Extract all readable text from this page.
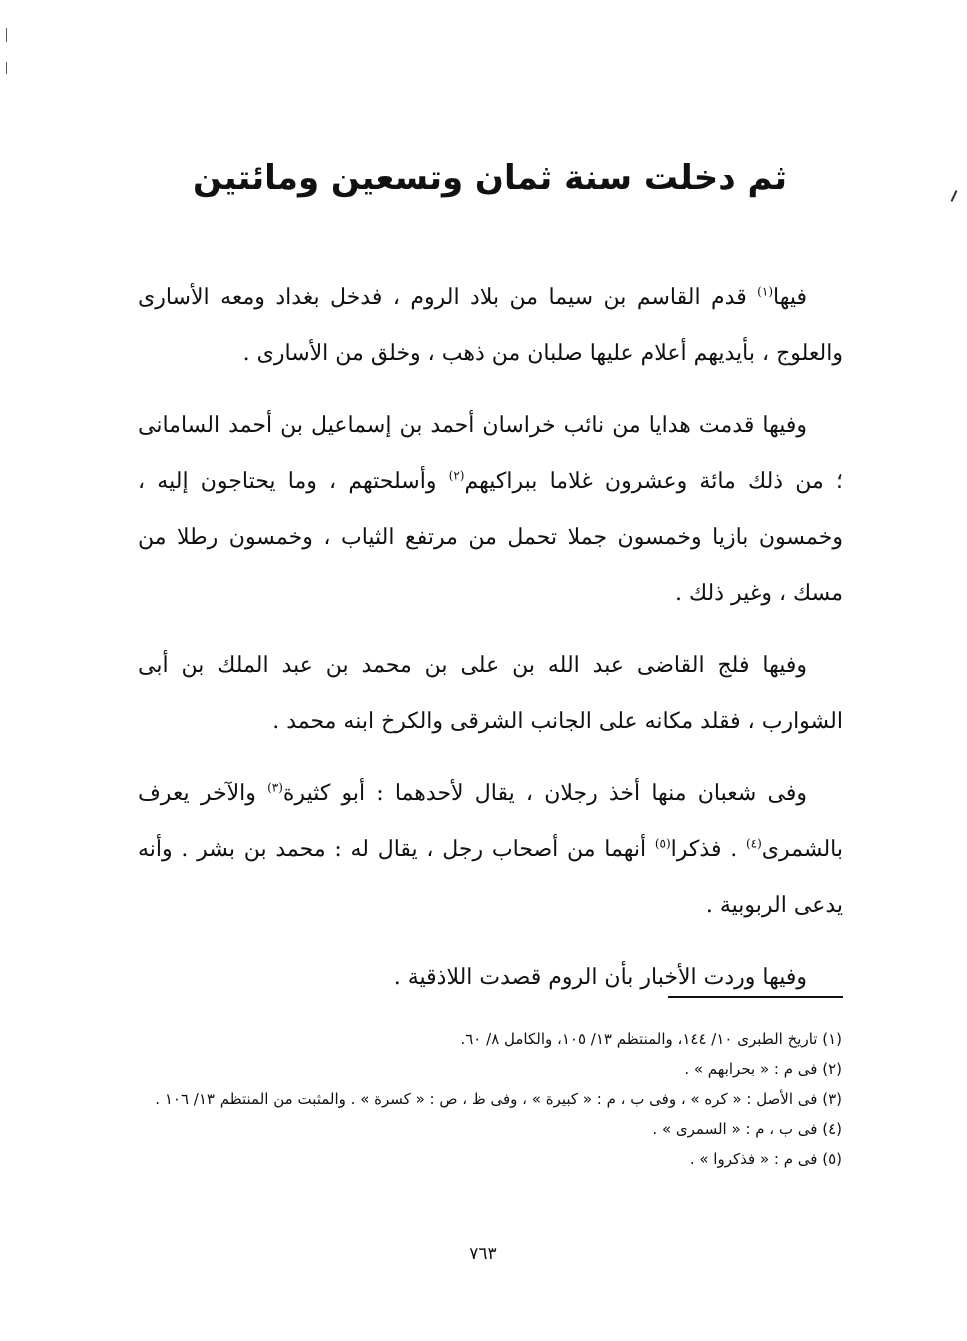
ثم دخلت سنة ثمان وتسعين ومائتين

فيها$^{(١)}$ قدم القاسم بن سيما من بلاد الروم ، فدخل بغداد ومعه الأسارى والعلوج ، بأيديهم أعلام عليها صلبان من ذهب ، وخلق من الأسارى .

وفيها قدمت هدايا من نائب خراسان أحمد بن إسماعيل بن أحمد السامانى ؛ من ذلك مائة وعشرون غلاما ببراكيهم$^{(٢)}$ وأسلحتهم ، وما يحتاجون إليه ، وخمسون بازيا وخمسون جملا تحمل من مرتفع الثياب ، وخمسون رطلا من مسك ، وغير ذلك .

وفيها فلج القاضى عبد الله بن على بن محمد بن عبد الملك بن أبى الشوارب ، فقلد مكانه على الجانب الشرقى والكرخ ابنه محمد .

وفى شعبان منها أخذ رجلان ، يقال لأحدهما : أبو كثيرة$^{(٣)}$ والآخر يعرف بالشمرى$^{(٤)}$ . فذكرا$^{(٥)}$ أنهما من أصحاب رجل ، يقال له : محمد بن بشر . وأنه يدعى الربوبية .

وفيها وردت الأخبار بأن الروم قصدت اللاذقية .

(١) تاريخ الطبرى ١٠/ ١٤٤، والمنتظم ١٣/ ١٠٥، والكامل ٨/ ٦٠.

(٢) فى م : « بحرابهم » .

(٣) فى الأصل : « كره » ، وفى ب ، م : « كبيرة » ، وفى ظ ، ص : « كسرة » . والمثبت من المنتظم ١٣/ ١٠٦ .

(٤) فى ب ، م : « السمرى » .

(٥) فى م : « فذكروا » .

٧٦٣
